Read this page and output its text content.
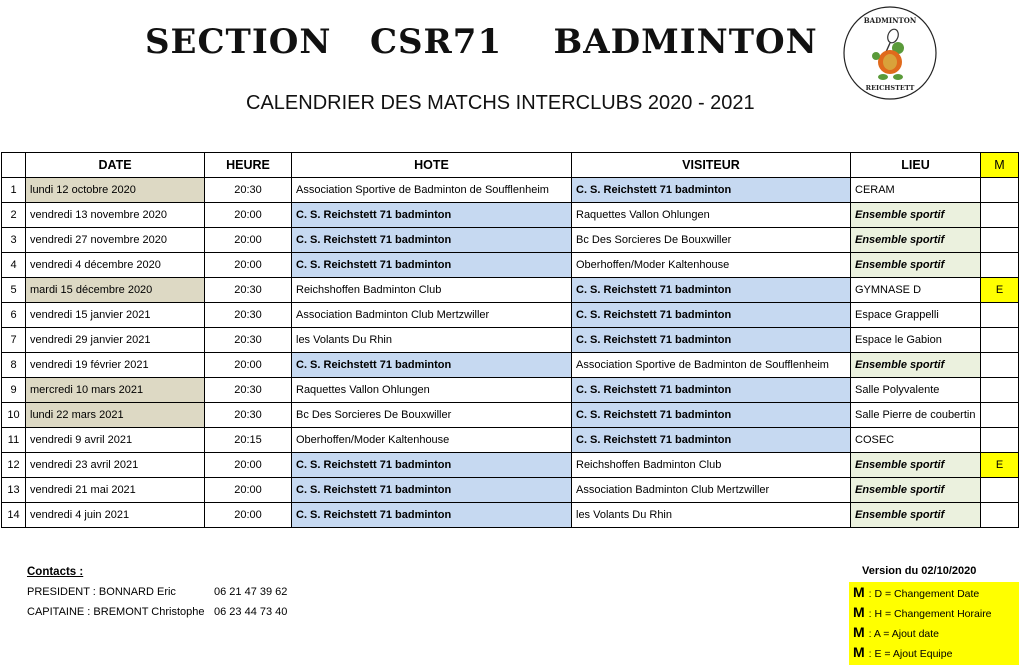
SECTION   CSR71    BADMINTON
CALENDRIER DES MATCHS INTERCLUBS 2020 - 2021
BADMINTON
REICHSTETT
	DATE	HEURE	HOTE	VISITEUR	LIEU	M
1	lundi 12 octobre 2020	20:30	Association Sportive de Badminton de Soufflenheim	C. S. Reichstett 71 badminton	CERAM	
2	vendredi 13 novembre 2020	20:00	C. S. Reichstett 71 badminton	Raquettes Vallon Ohlungen	Ensemble sportif	
3	vendredi 27 novembre 2020	20:00	C. S. Reichstett 71 badminton	Bc Des Sorcieres De Bouxwiller	Ensemble sportif	
4	vendredi 4 décembre 2020	20:00	C. S. Reichstett 71 badminton	Oberhoffen/Moder Kaltenhouse	Ensemble sportif	
5	mardi 15 décembre 2020	20:30	Reichshoffen Badminton Club	C. S. Reichstett 71 badminton	GYMNASE D	E
6	vendredi 15 janvier 2021	20:30	Association Badminton Club Mertzwiller	C. S. Reichstett 71 badminton	Espace Grappelli	
7	vendredi 29 janvier 2021	20:30	les Volants Du Rhin	C. S. Reichstett 71 badminton	Espace le Gabion	
8	vendredi 19 février 2021	20:00	C. S. Reichstett 71 badminton	Association Sportive de Badminton de Soufflenheim	Ensemble sportif	
9	mercredi 10 mars 2021	20:30	Raquettes Vallon Ohlungen	C. S. Reichstett 71 badminton	Salle Polyvalente	
10	lundi 22 mars 2021	20:30	Bc Des Sorcieres De Bouxwiller	C. S. Reichstett 71 badminton	Salle Pierre de coubertin	
11	vendredi 9 avril 2021	20:15	Oberhoffen/Moder Kaltenhouse	C. S. Reichstett 71 badminton	COSEC	
12	vendredi 23 avril 2021	20:00	C. S. Reichstett 71 badminton	Reichshoffen Badminton Club	Ensemble sportif	E
13	vendredi 21 mai 2021	20:00	C. S. Reichstett 71 badminton	Association Badminton Club Mertzwiller	Ensemble sportif	
14	vendredi 4 juin 2021	20:00	C. S. Reichstett 71 badminton	les Volants Du Rhin	Ensemble sportif	
Contacts :
PRESIDENT : BONNARD Eric	06 21 47 39 62
CAPITAINE : BREMONT Christophe 06 23 44 73 40
Version du 02/10/2020
M : D = Changement Date
M : H = Changement Horaire
M : A = Ajout date
M : E = Ajout Equipe
